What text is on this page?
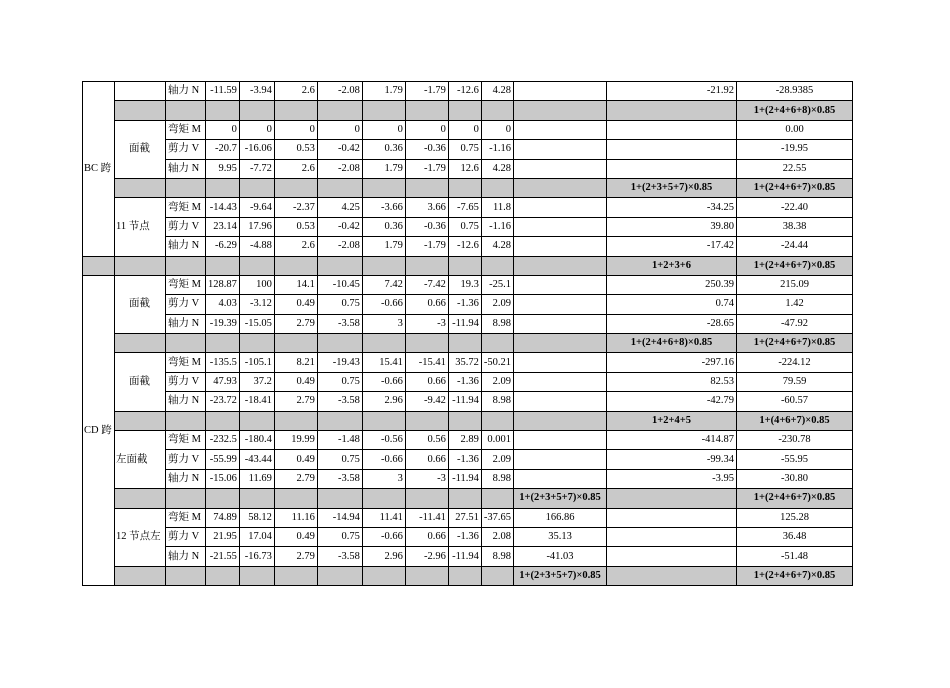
BC 跨		轴力 N	-11.59	-3.94	2.6	-2.08	1.79	-1.79	-12.6	4.28		-21.92	-28.9385
													1+(2+4+6+8)×0.85
	面截	弯矩 M	0	0	0	0	0	0	0	0			0.00
		剪力 V	-20.7	-16.06	0.53	-0.42	0.36	-0.36	0.75	-1.16			-19.95
		轴力 N	9.95	-7.72	2.6	-2.08	1.79	-1.79	12.6	4.28			22.55
												1+(2+3+5+7)×0.85	1+(2+4+6+7)×0.85
	11 节点	弯矩 M	-14.43	-9.64	-2.37	4.25	-3.66	3.66	-7.65	11.8		-34.25	-22.40
		剪力 V	23.14	17.96	0.53	-0.42	0.36	-0.36	0.75	-1.16		39.80	38.38
		轴力 N	-6.29	-4.88	2.6	-2.08	1.79	-1.79	-12.6	4.28		-17.42	-24.44
												1+2+3+6	1+(2+4+6+7)×0.85
CD 跨	面截	弯矩 M	128.87	100	14.1	-10.45	7.42	-7.42	19.3	-25.1		250.39	215.09
		剪力 V	4.03	-3.12	0.49	0.75	-0.66	0.66	-1.36	2.09		0.74	1.42
		轴力 N	-19.39	-15.05	2.79	-3.58	3	-3	-11.94	8.98		-28.65	-47.92
												1+(2+4+6+8)×0.85	1+(2+4+6+7)×0.85
	面截	弯矩 M	-135.5	-105.1	8.21	-19.43	15.41	-15.41	35.72	-50.21		-297.16	-224.12
		剪力 V	47.93	37.2	0.49	0.75	-0.66	0.66	-1.36	2.09		82.53	79.59
		轴力 N	-23.72	-18.41	2.79	-3.58	2.96	-9.42	-11.94	8.98		-42.79	-60.57
												1+2+4+5	1+(4+6+7)×0.85
	左面截	弯矩 M	-232.5	-180.4	19.99	-1.48	-0.56	0.56	2.89	0.001		-414.87	-230.78
		剪力 V	-55.99	-43.44	0.49	0.75	-0.66	0.66	-1.36	2.09		-99.34	-55.95
		轴力 N	-15.06	11.69	2.79	-3.58	3	-3	-11.94	8.98		-3.95	-30.80
											1+(2+3+5+7)×0.85		1+(2+4+6+7)×0.85
	12 节点左	弯矩 M	74.89	58.12	11.16	-14.94	11.41	-11.41	27.51	-37.65	166.86		125.28
		剪力 V	21.95	17.04	0.49	0.75	-0.66	0.66	-1.36	2.08	35.13		36.48
		轴力 N	-21.55	-16.73	2.79	-3.58	2.96	-2.96	-11.94	8.98	-41.03		-51.48
											1+(2+3+5+7)×0.85		1+(2+4+6+7)×0.85
